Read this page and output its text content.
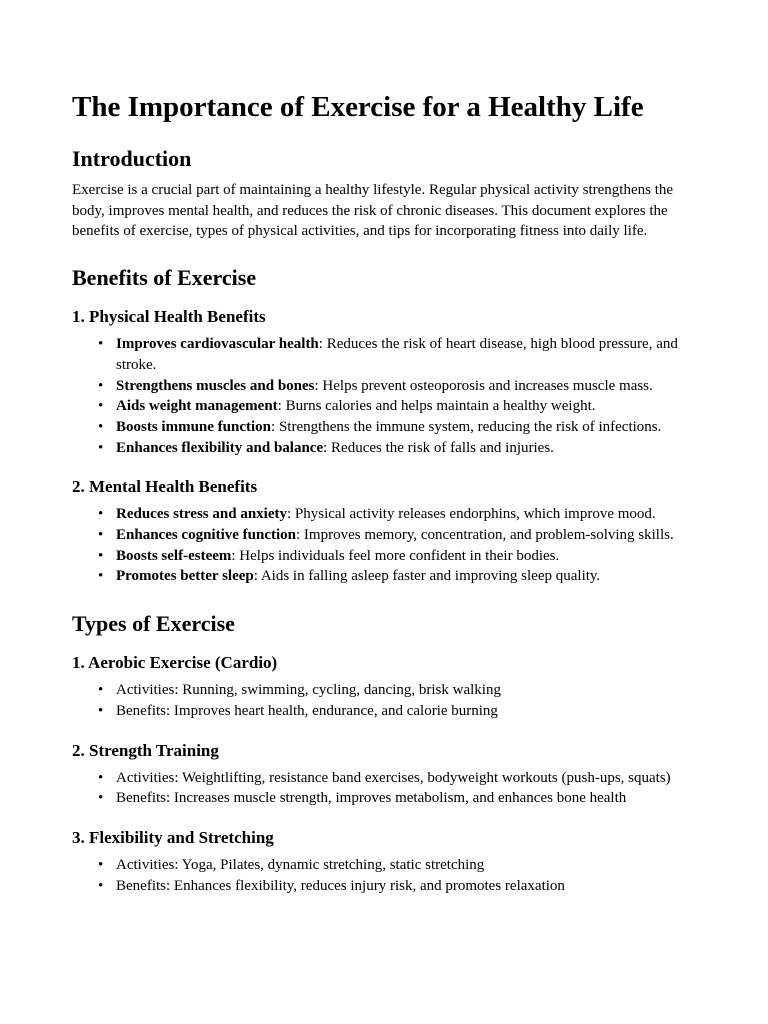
The Importance of Exercise for a Healthy Life
Introduction

Exercise is a crucial part of maintaining a healthy lifestyle. Regular physical activity strengthens the body, improves mental health, and reduces the risk of chronic diseases. This document explores the benefits of exercise, types of physical activities, and tips for incorporating fitness into daily life.

Benefits of Exercise
1. Physical Health Benefits
• Improves cardiovascular health: Reduces the risk of heart disease, high blood pressure, and stroke.
• Strengthens muscles and bones: Helps prevent osteoporosis and increases muscle mass.
• Aids weight management: Burns calories and helps maintain a healthy weight.
• Boosts immune function: Strengthens the immune system, reducing the risk of infections.
• Enhances flexibility and balance: Reduces the risk of falls and injuries.
2. Mental Health Benefits
• Reduces stress and anxiety: Physical activity releases endorphins, which improve mood.
• Enhances cognitive function: Improves memory, concentration, and problem-solving skills.
• Boosts self-esteem: Helps individuals feel more confident in their bodies.
• Promotes better sleep: Aids in falling asleep faster and improving sleep quality.
Types of Exercise
1. Aerobic Exercise (Cardio)
• Activities: Running, swimming, cycling, dancing, brisk walking
• Benefits: Improves heart health, endurance, and calorie burning
2. Strength Training
• Activities: Weightlifting, resistance band exercises, bodyweight workouts (push-ups, squats)
• Benefits: Increases muscle strength, improves metabolism, and enhances bone health
3. Flexibility and Stretching
• Activities: Yoga, Pilates, dynamic stretching, static stretching
• Benefits: Enhances flexibility, reduces injury risk, and promotes relaxation
